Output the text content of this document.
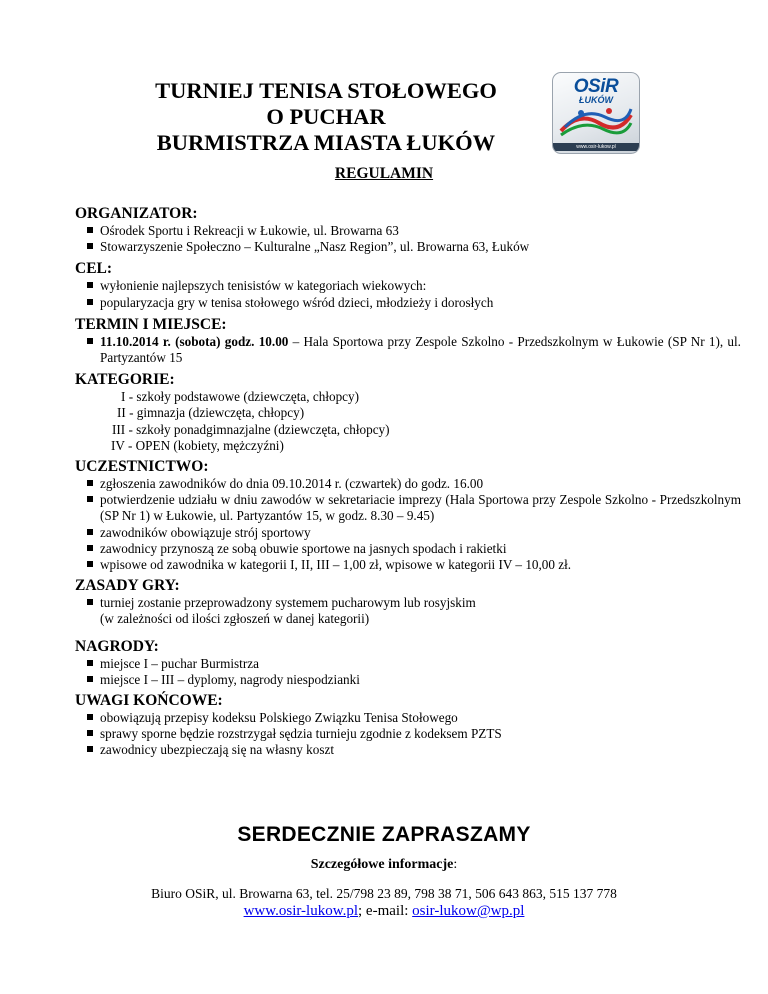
TURNIEJ TENISA STOŁOWEGO
O PUCHAR
BURMISTRZA MIASTA ŁUKÓW
OSiR
ŁUKÓW
www.osir-lukow.pl
REGULAMIN
ORGANIZATOR:
Ośrodek Sportu i Rekreacji w Łukowie, ul. Browarna 63
Stowarzyszenie Społeczno – Kulturalne „Nasz Region”, ul. Browarna 63, Łuków
CEL:
wyłonienie najlepszych tenisistów w kategoriach wiekowych:
popularyzacja gry w tenisa stołowego wśród dzieci, młodzieży i dorosłych
TERMIN I MIEJSCE:
11.10.2014 r. (sobota) godz. 10.00 – Hala Sportowa przy Zespole Szkolno - Przedszkolnym w Łukowie (SP Nr 1), ul. Partyzantów 15
KATEGORIE:
I - szkoły podstawowe (dziewczęta, chłopcy)
II - gimnazja (dziewczęta, chłopcy)
III - szkoły ponadgimnazjalne (dziewczęta, chłopcy)
IV - OPEN (kobiety, mężczyźni)
UCZESTNICTWO:
zgłoszenia zawodników do dnia 09.10.2014 r. (czwartek) do godz. 16.00
potwierdzenie udziału w dniu zawodów w sekretariacie imprezy (Hala Sportowa przy Zespole Szkolno - Przedszkolnym (SP Nr 1) w Łukowie, ul. Partyzantów 15, w godz. 8.30 – 9.45)
zawodników obowiązuje strój sportowy
zawodnicy przynoszą ze sobą obuwie sportowe na jasnych spodach i rakietki
wpisowe od zawodnika w kategorii I, II, III – 1,00 zł, wpisowe w kategorii IV – 10,00 zł.
ZASADY GRY:
turniej zostanie przeprowadzony systemem pucharowym lub rosyjskim
(w zależności od ilości zgłoszeń w danej kategorii)
NAGRODY:
miejsce I – puchar Burmistrza
miejsce I – III – dyplomy, nagrody niespodzianki
UWAGI KOŃCOWE:
obowiązują przepisy kodeksu Polskiego Związku Tenisa Stołowego
sprawy sporne będzie rozstrzygał sędzia turnieju zgodnie z kodeksem PZTS
zawodnicy ubezpieczają się na własny koszt
SERDECZNIE ZAPRASZAMY
Szczegółowe informacje:
Biuro OSiR, ul. Browarna 63, tel. 25/798 23 89, 798 38 71, 506 643 863, 515 137 778
www.osir-lukow.pl; e-mail: osir-lukow@wp.pl
